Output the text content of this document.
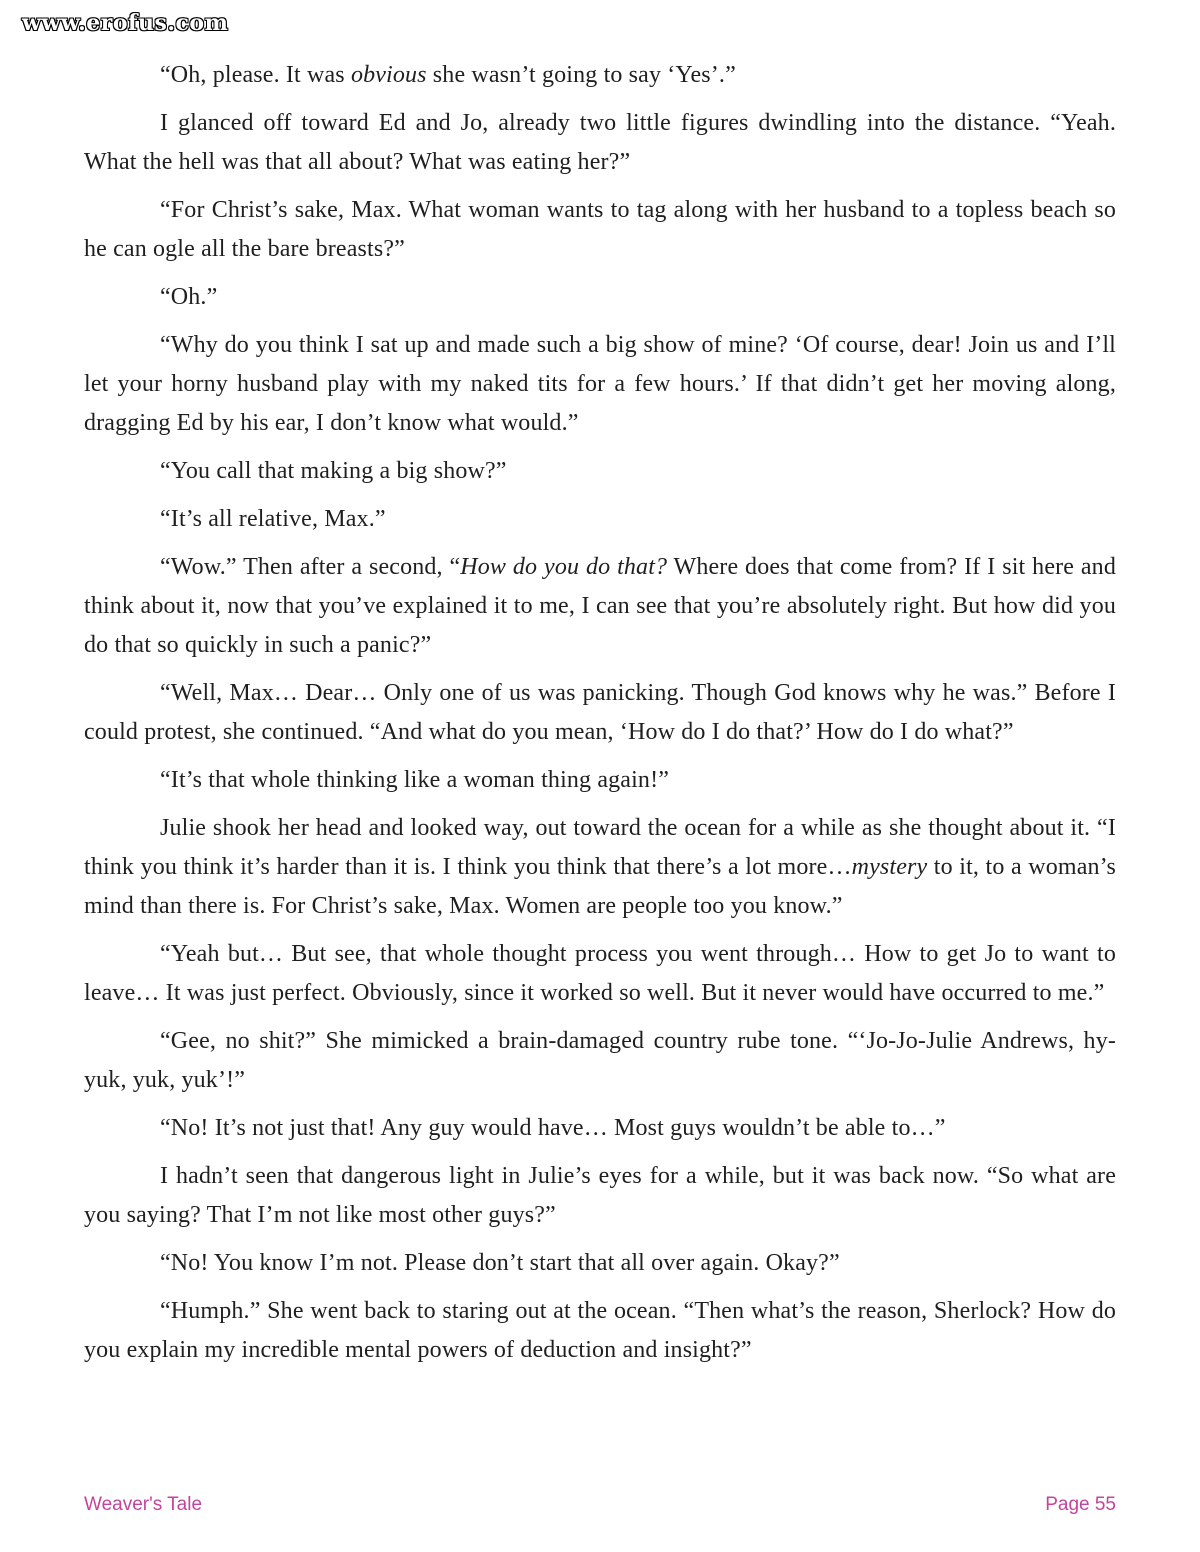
www.erofus.com

“Oh, please. It was obvious she wasn’t going to say ‘Yes’.”

I glanced off toward Ed and Jo, already two little figures dwindling into the distance. “Yeah. What the hell was that all about? What was eating her?”

“For Christ’s sake, Max. What woman wants to tag along with her husband to a topless beach so he can ogle all the bare breasts?”

“Oh.”

“Why do you think I sat up and made such a big show of mine? ‘Of course, dear! Join us and I’ll let your horny husband play with my naked tits for a few hours.’ If that didn’t get her moving along, dragging Ed by his ear, I don’t know what would.”

“You call that making a big show?”

“It’s all relative, Max.”

“Wow.” Then after a second, “How do you do that? Where does that come from? If I sit here and think about it, now that you’ve explained it to me, I can see that you’re absolutely right. But how did you do that so quickly in such a panic?”

“Well, Max… Dear… Only one of us was panicking. Though God knows why he was.” Before I could protest, she continued. “And what do you mean, ‘How do I do that?’ How do I do what?”

“It’s that whole thinking like a woman thing again!”

Julie shook her head and looked way, out toward the ocean for a while as she thought about it. “I think you think it’s harder than it is. I think you think that there’s a lot more…mystery to it, to a woman’s mind than there is. For Christ’s sake, Max. Women are people too you know.”

“Yeah but… But see, that whole thought process you went through… How to get Jo to want to leave… It was just perfect. Obviously, since it worked so well. But it never would have occurred to me.”

“Gee, no shit?” She mimicked a brain-damaged country rube tone. “‘Jo-Jo-Julie Andrews, hy-yuk, yuk, yuk’!”

“No! It’s not just that! Any guy would have… Most guys wouldn’t be able to…”

I hadn’t seen that dangerous light in Julie’s eyes for a while, but it was back now. “So what are you saying? That I’m not like most other guys?”

“No! You know I’m not. Please don’t start that all over again. Okay?”

“Humph.” She went back to staring out at the ocean. “Then what’s the reason, Sherlock? How do you explain my incredible mental powers of deduction and insight?”

Weaver's Tale	Page 55
